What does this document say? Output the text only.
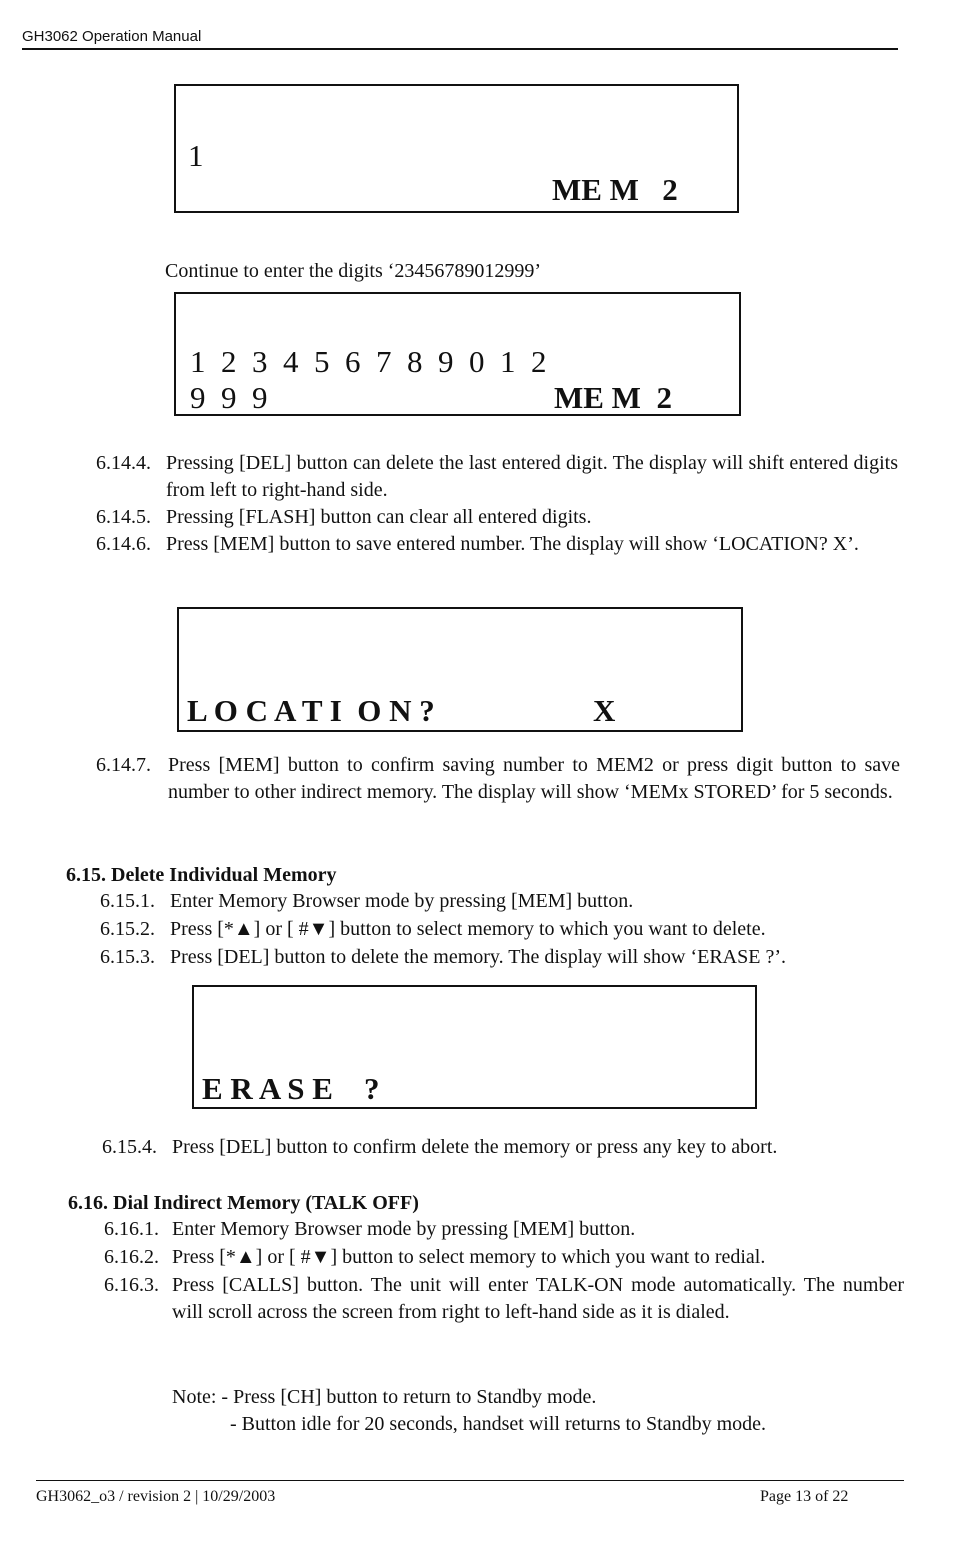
GH3062 Operation Manual
1
ME M   2

Continue to enter the digits ‘23456789012999’

1  2  3  4  5  6  7  8  9  0  1  2
9  9  9	ME M  2
6.14.4. Pressing [DEL] button can delete the last entered digit. The display will shift entered digits from left to right-hand side.
6.14.5. Pressing [FLASH] button can clear all entered digits.
6.14.6. Press [MEM] button to save entered number. The display will show ‘LOCATION? X’.
L O C A T I  O N ?	X
6.14.7. Press [MEM] button to confirm saving number to MEM2 or press digit button to save number to other indirect memory. The display will show ‘MEMx STORED’ for 5 seconds.
6.15. Delete Individual Memory
6.15.1. Enter Memory Browser mode by pressing [MEM] button.
6.15.2. Press [*▲] or [ #▼] button to select memory to which you want to delete.
6.15.3. Press [DEL] button to delete the memory. The display will show ‘ERASE ?’.
E R A S E    ?
6.15.4. Press [DEL] button to confirm delete the memory or press any key to abort.
6.16. Dial Indirect Memory (TALK OFF)
6.16.1. Enter Memory Browser mode by pressing [MEM] button.
6.16.2. Press [*▲] or [ #▼] button to select memory to which you want to redial.
6.16.3. Press [CALLS] button. The unit will enter TALK-ON mode automatically. The number will scroll across the screen from right to left-hand side as it is dialed.

Note: - Press [CH] button to return to Standby mode.

- Button idle for 20 seconds, handset will returns to Standby mode.

GH3062_o3 / revision 2 | 10/29/2003	Page 13 of 22
